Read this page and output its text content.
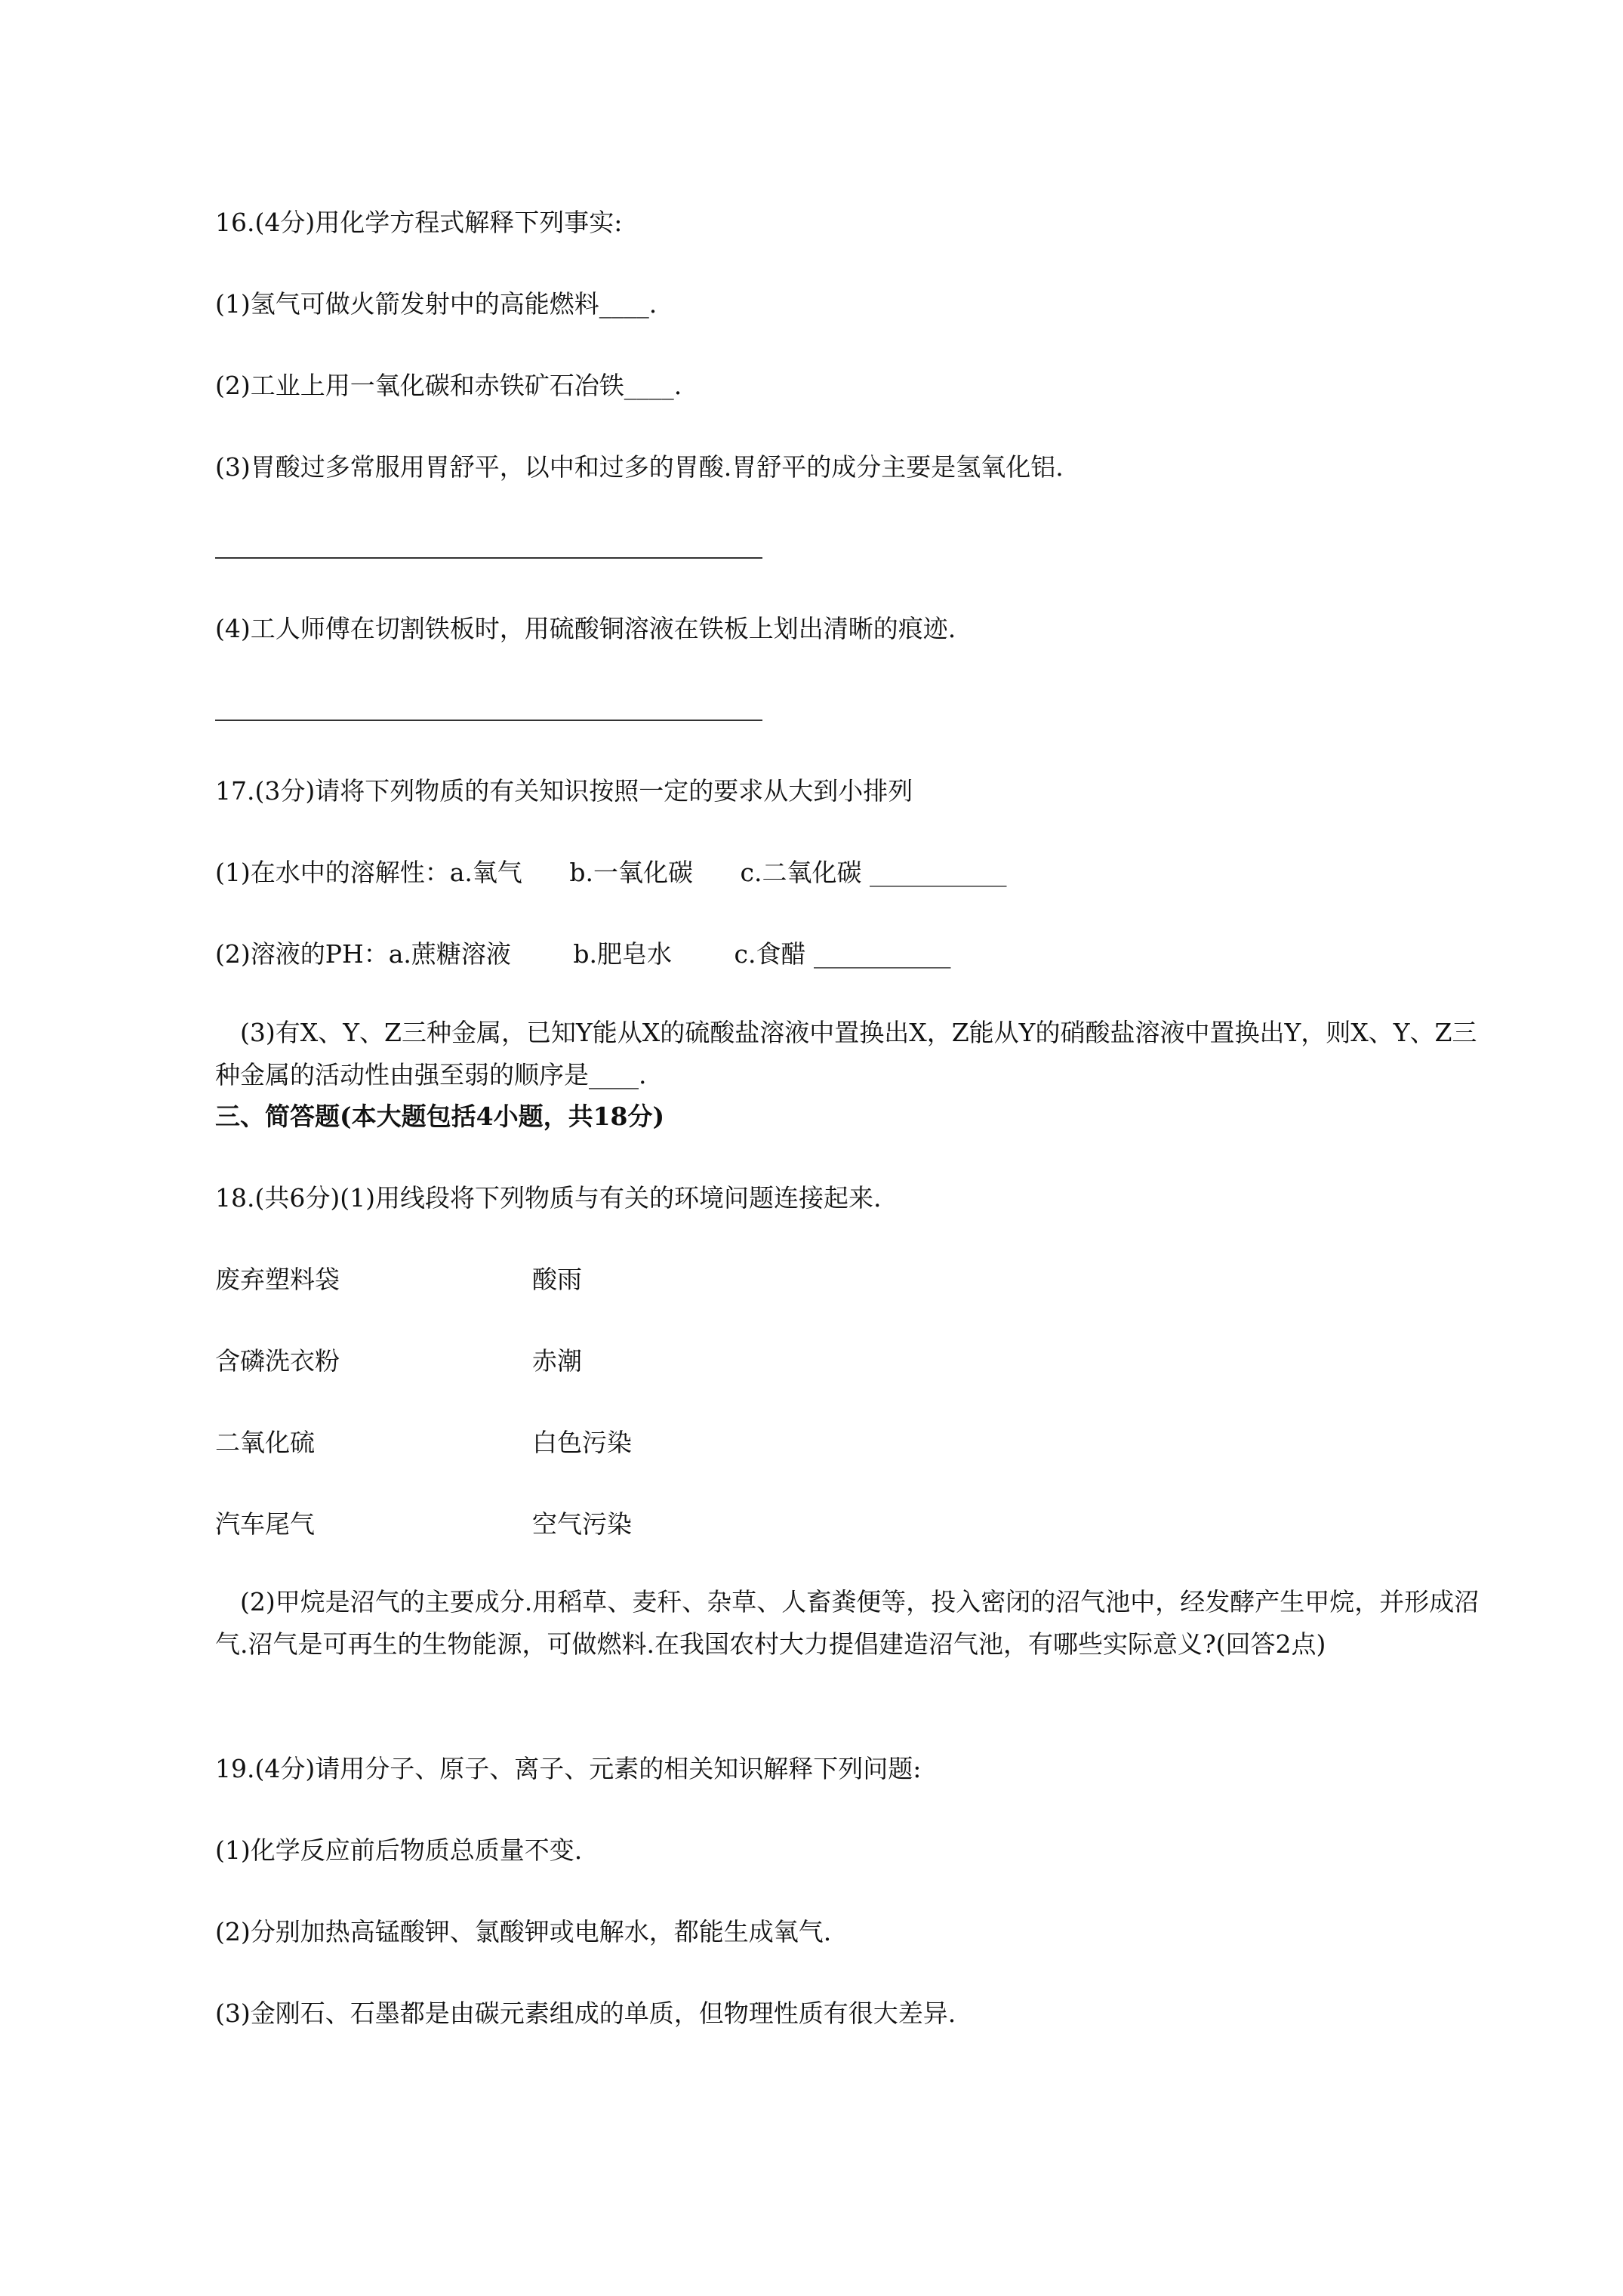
16.(4分)用化学方程式解释下列事实:
(1)氢气可做火箭发射中的高能燃料____.
(2)工业上用一氧化碳和赤铁矿石冶铁____.
(3)胃酸过多常服用胃舒平，以中和过多的胃酸.胃舒平的成分主要是氢氧化铝.
(4)工人师傅在切割铁板时，用硫酸铜溶液在铁板上划出清晰的痕迹.
17.(3分)请将下列物质的有关知识按照一定的要求从大到小排列
(1)在水中的溶解性：a.氧气 b.一氧化碳 c.二氧化碳 ___________
(2)溶液的PH：a.蔗糖溶液	b.肥皂水	c.食醋 ___________
(3)有X、Y、Z三种金属，已知Y能从X的硫酸盐溶液中置换出X，Z能从Y的硝酸盐溶液中置换出Y，则X、Y、Z三种金属的活动性由强至弱的顺序是____.
三、简答题(本大题包括4小题，共18分)
18.(共6分)(1)用线段将下列物质与有关的环境问题连接起来.
废弃塑料袋	酸雨
含磷洗衣粉	赤潮
二氧化硫	白色污染
汽车尾气	空气污染
(2)甲烷是沼气的主要成分.用稻草、麦秆、杂草、人畜粪便等，投入密闭的沼气池中，经发酵产生甲烷，并形成沼气.沼气是可再生的生物能源，可做燃料.在我国农村大力提倡建造沼气池，有哪些实际意义?(回答2点)
19.(4分)请用分子、原子、离子、元素的相关知识解释下列问题:
(1)化学反应前后物质总质量不变.
(2)分别加热高锰酸钾、氯酸钾或电解水，都能生成氧气.
(3)金刚石、石墨都是由碳元素组成的单质，但物理性质有很大差异.
